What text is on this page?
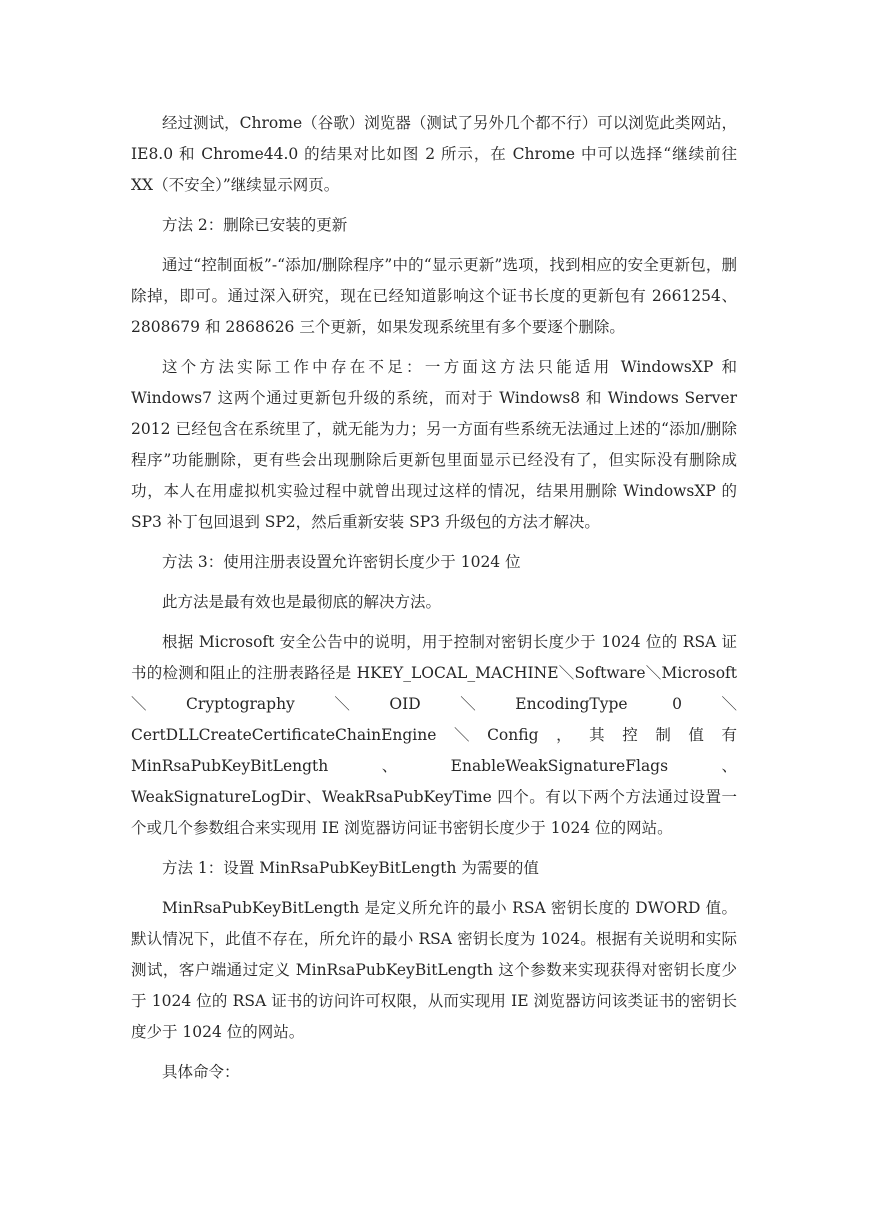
经过测试，Chrome（谷歌）浏览器（测试了另外几个都不行）可以浏览此类网站，IE8.0 和 Chrome44.0 的结果对比如图 2 所示，在 Chrome 中可以选择“继续前往 XX（不安全）”继续显示网页。

方法 2：删除已安装的更新

通过“控制面板”-“添加/删除程序”中的“显示更新”选项，找到相应的安全更新包，删除掉，即可。通过深入研究，现在已经知道影响这个证书长度的更新包有 2661254、2808679 和 2868626 三个更新，如果发现系统里有多个要逐个删除。

这个方法实际工作中存在不足：一方面这方法只能适用 WindowsXP 和 Windows7 这两个通过更新包升级的系统，而对于 Windows8 和 Windows Server 2012 已经包含在系统里了，就无能为力；另一方面有些系统无法通过上述的“添加/删除程序”功能删除，更有些会出现删除后更新包里面显示已经没有了，但实际没有删除成功，本人在用虚拟机实验过程中就曾出现过这样的情况，结果用删除 WindowsXP 的 SP3 补丁包回退到 SP2，然后重新安装 SP3 升级包的方法才解决。

方法 3：使用注册表设置允许密钥长度少于 1024 位

此方法是最有效也是最彻底的解决方法。

根据 Microsoft 安全公告中的说明，用于控制对密钥长度少于 1024 位的 RSA 证书的检测和阻止的注册表路径是 HKEY_LOCAL_MACHINE＼Software＼Microsoft＼Cryptography＼OID＼EncodingType 0＼CertDLLCreateCertificateChainEngine＼Config，其控制值有 MinRsaPubKeyBitLength、EnableWeakSignatureFlags、WeakSignatureLogDir、WeakRsaPubKeyTime 四个。有以下两个方法通过设置一个或几个参数组合来实现用 IE 浏览器访问证书密钥长度少于 1024 位的网站。

方法 1：设置 MinRsaPubKeyBitLength 为需要的值

MinRsaPubKeyBitLength 是定义所允许的最小 RSA 密钥长度的 DWORD 值。默认情况下，此值不存在，所允许的最小 RSA 密钥长度为 1024。根据有关说明和实际测试，客户端通过定义 MinRsaPubKeyBitLength 这个参数来实现获得对密钥长度少于 1024 位的 RSA 证书的访问许可权限，从而实现用 IE 浏览器访问该类证书的密钥长度少于 1024 位的网站。

具体命令：
